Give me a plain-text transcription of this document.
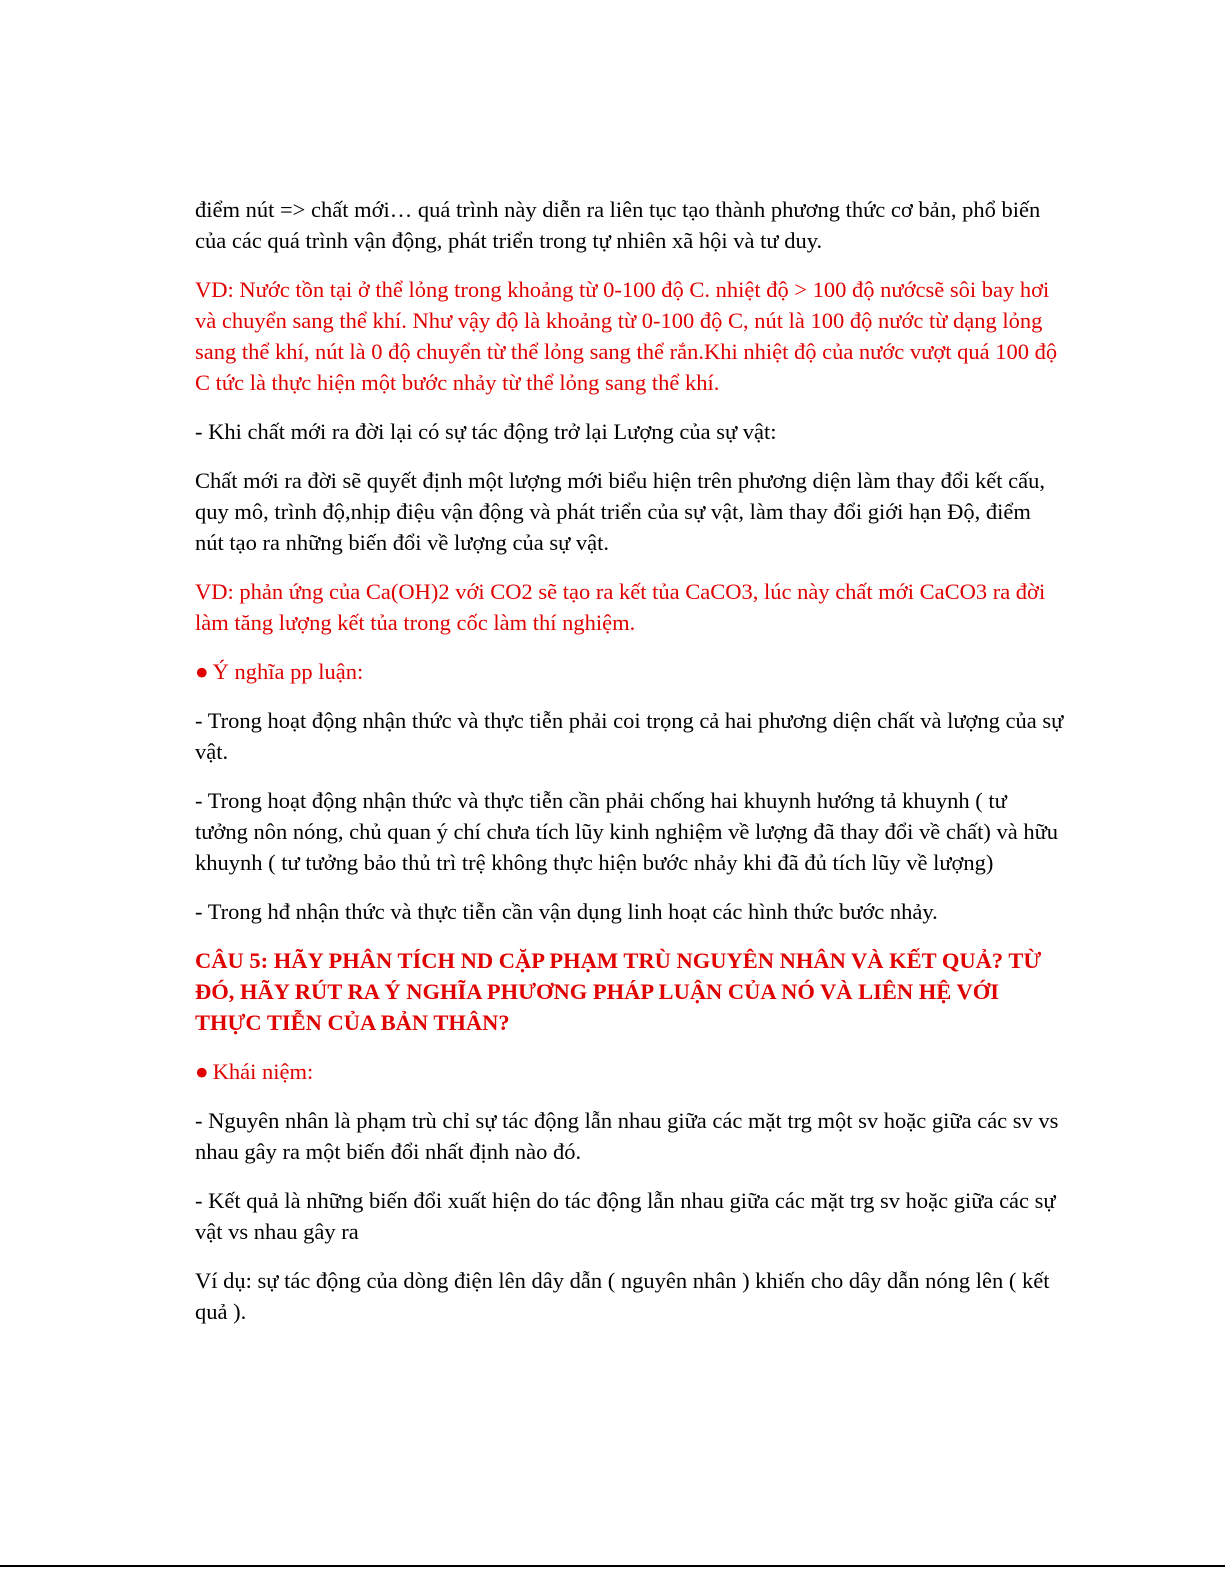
điểm nút => chất mới… quá trình này diễn ra liên tục tạo thành phương thức cơ bản, phổ biến của các quá trình vận động, phát triển trong tự nhiên xã hội và tư duy.

VD: Nước tồn tại ở thể lỏng trong khoảng từ 0-100 độ C. nhiệt độ > 100 độ nướcsẽ sôi bay hơi và chuyển sang thể khí. Như vậy độ là khoảng từ 0-100 độ C, nút là 100 độ nước từ dạng lỏng sang thể khí, nút là 0 độ chuyển từ thể lỏng sang thể rắn.Khi nhiệt độ của nước vượt quá 100 độ C tức là thực hiện một bước nhảy từ thể lỏng sang thể khí.

- Khi chất mới ra đời lại có sự tác động trở lại Lượng của sự vật:

Chất mới ra đời sẽ quyết định một lượng mới biểu hiện trên phương diện làm thay đổi kết cấu, quy mô, trình độ,nhịp điệu vận động và phát triển của sự vật, làm thay đổi giới hạn Độ, điểm nút tạo ra những biến đổi về lượng của sự vật.

VD: phản ứng của Ca(OH)2 với CO2 sẽ tạo ra kết tủa CaCO3, lúc này chất mới CaCO3 ra đời làm tăng lượng kết tủa trong cốc làm thí nghiệm.

● Ý nghĩa pp luận:

- Trong hoạt động nhận thức và thực tiễn phải coi trọng cả hai phương diện chất và lượng của sự vật.

- Trong hoạt động nhận thức và thực tiễn cần phải chống hai khuynh hướng tả khuynh ( tư tưởng nôn nóng, chủ quan ý chí chưa tích lũy kinh nghiệm về lượng đã thay đổi về chất) và hữu khuynh ( tư tưởng bảo thủ trì trệ không thực hiện bước nhảy khi đã đủ tích lũy về lượng)

- Trong hđ nhận thức và thực tiễn cần vận dụng linh hoạt các hình thức bước nhảy.

CÂU 5: HÃY PHÂN TÍCH ND CẶP PHẠM TRÙ NGUYÊN NHÂN VÀ KẾT QUẢ? TỪ ĐÓ, HÃY RÚT RA Ý NGHĨA PHƯƠNG PHÁP LUẬN CỦA NÓ VÀ LIÊN HỆ VỚI THỰC TIỄN CỦA BẢN THÂN?

● Khái niệm:

- Nguyên nhân là phạm trù chỉ sự tác động lẫn nhau giữa các mặt trg một sv hoặc giữa các sv vs nhau gây ra một biến đổi nhất định nào đó.

- Kết quả là những biến đổi xuất hiện do tác động lẫn nhau giữa các mặt trg sv hoặc giữa các sự vật vs nhau gây ra

Ví dụ: sự tác động của dòng điện lên dây dẫn ( nguyên nhân ) khiến cho dây dẫn nóng lên ( kết quả ).
